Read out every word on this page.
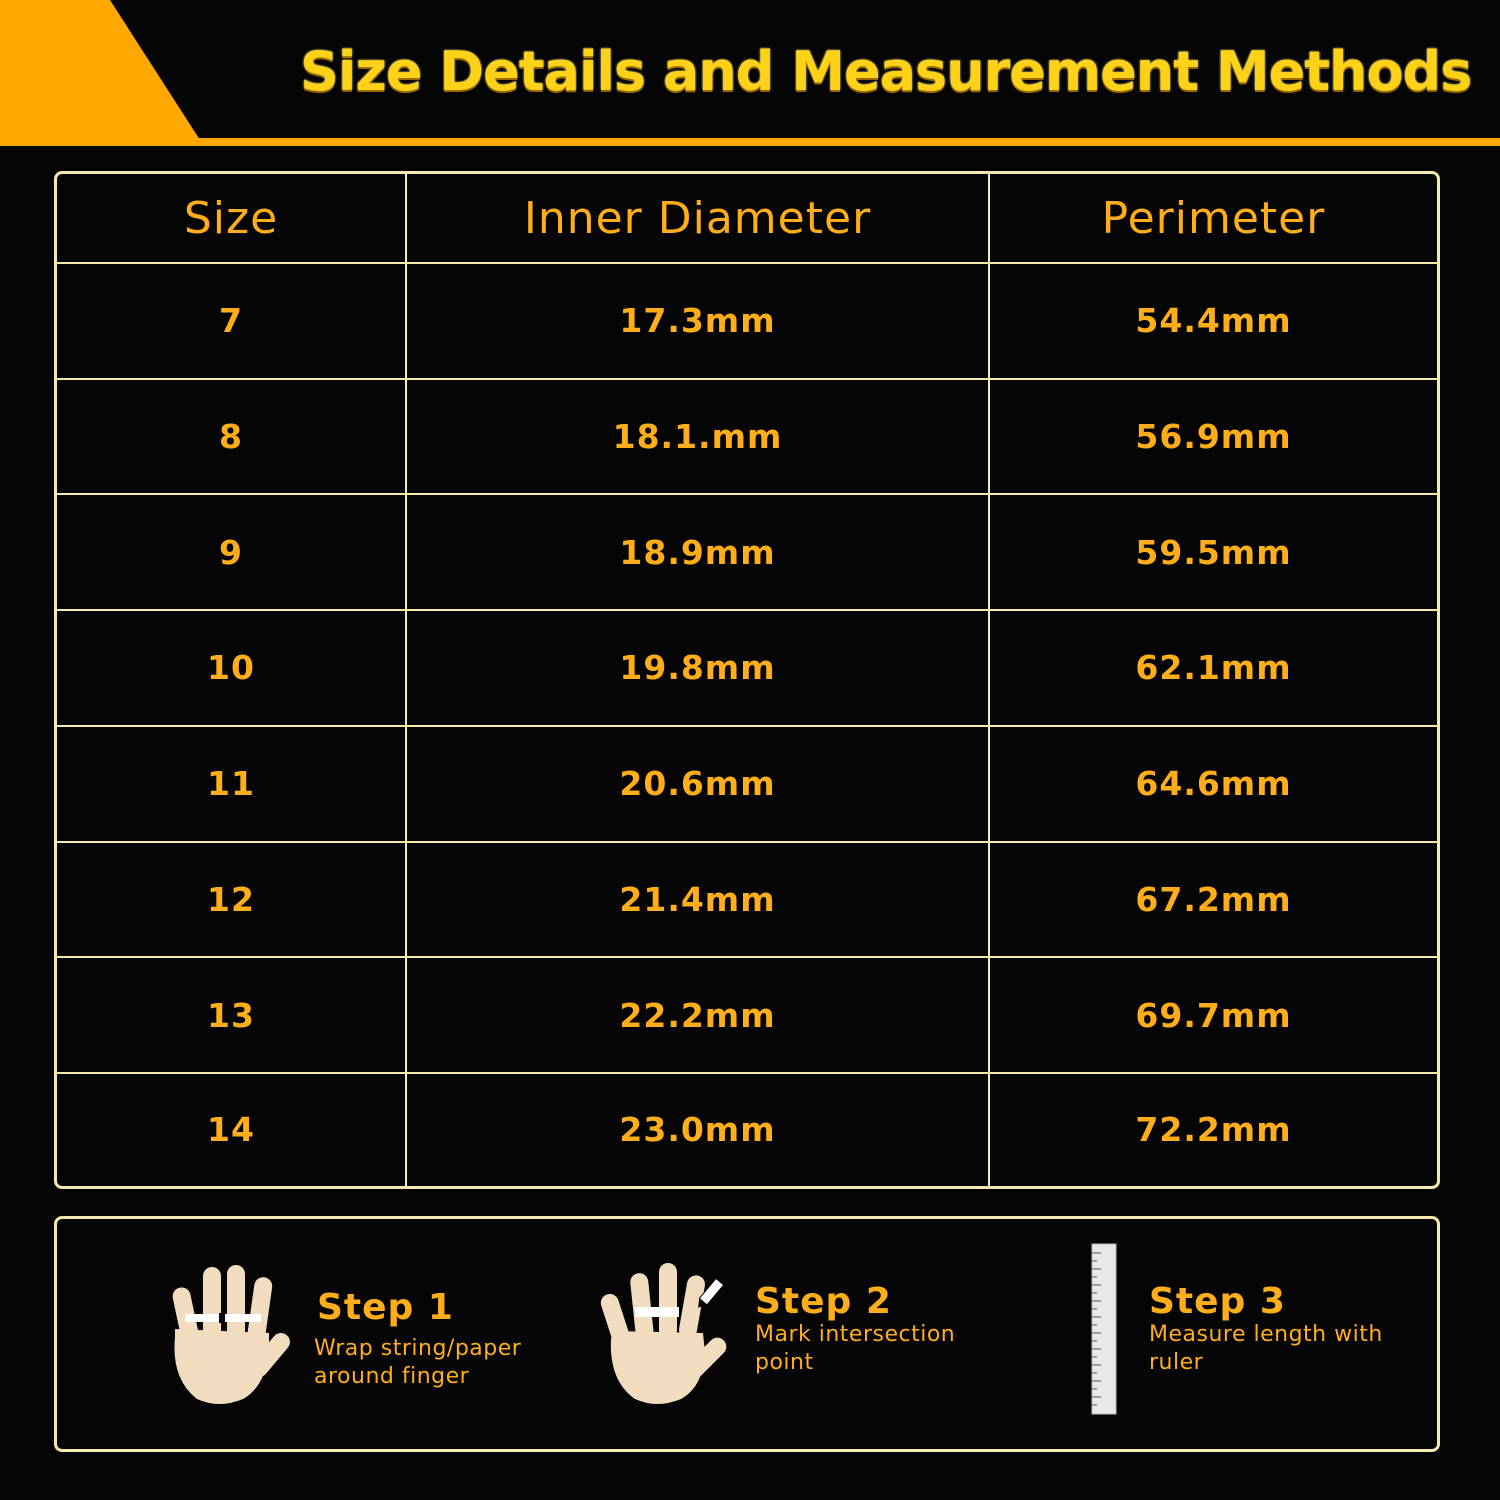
Size Details and Measurement Methods
Size	Inner Diameter	Perimeter
7	17.3mm	54.4mm
8	18.1.mm	56.9mm
9	18.9mm	59.5mm
10	19.8mm	62.1mm
11	20.6mm	64.6mm
12	21.4mm	67.2mm
13	22.2mm	69.7mm
14	23.0mm	72.2mm
Step 1
Wrap string/paper around finger
Step 2
Mark intersection point
Step 3
Measure length with ruler
